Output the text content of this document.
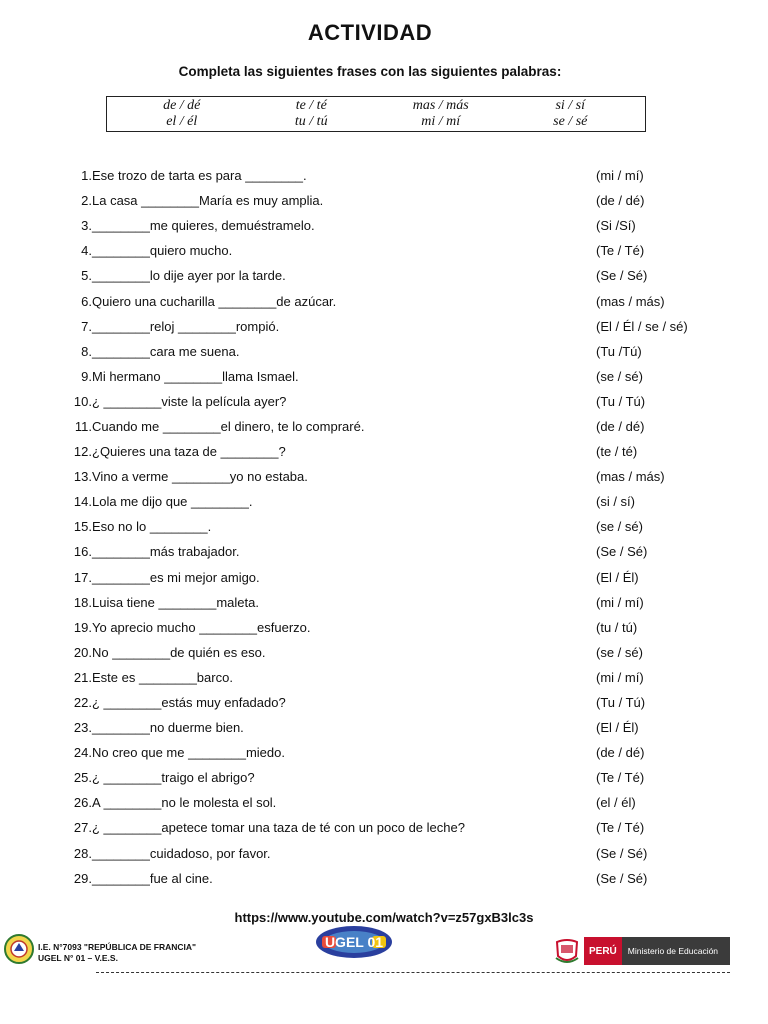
ACTIVIDAD
Completa las siguientes frases con las siguientes palabras:
de / dé	te / té	mas / más	si / sí
el / él	tu / tú	mi / mí	se / sé
1. Ese trozo de tarta es para ________.	(mi / mí)
2. La casa ________María es muy amplia.	(de / dé)
3. ________me quieres, demuéstramelo.	(Si /Sí)
4. ________quiero mucho.	(Te / Té)
5. ________lo dije ayer por la tarde.	(Se / Sé)
6. Quiero una cucharilla ________de azúcar.	(mas / más)
7. ________reloj ________rompió.	(El / Él / se / sé)
8. ________cara me suena.	(Tu /Tú)
9. Mi hermano ________llama Ismael.	(se / sé)
10. ¿ ________viste la película ayer?	(Tu / Tú)
11. Cuando me ________el dinero, te lo compraré.	(de / dé)
12. ¿Quieres una taza de ________?	(te / té)
13. Vino a verme ________yo no estaba.	(mas / más)
14. Lola me dijo que ________.	(si / sí)
15. Eso no lo ________.	(se / sé)
16. ________más trabajador.	(Se / Sé)
17. ________es mi mejor amigo.	(El / Él)
18. Luisa tiene ________maleta.	(mi / mí)
19. Yo aprecio mucho ________esfuerzo.	(tu / tú)
20. No ________de quién es eso.	(se / sé)
21. Este es ________barco.	(mi / mí)
22. ¿ ________estás muy enfadado?	(Tu / Tú)
23. ________no duerme bien.	(El / Él)
24. No creo que me ________miedo.	(de / dé)
25. ¿ ________traigo el abrigo?	(Te / Té)
26. A ________no le molesta el sol.	(el / él)
27. ¿ ________apetece tomar una taza de té con un poco de leche?	(Te / Té)
28. ________cuidadoso, por favor.	(Se / Sé)
29. ________fue al cine.	(Se / Sé)
https://www.youtube.com/watch?v=z57gxB3lc3s
I.E. N°7093 "REPÚBLICA DE FRANCIA"
UGEL N° 01 – V.E.S.
UGEL 01
PERÚ	Ministerio de Educación
